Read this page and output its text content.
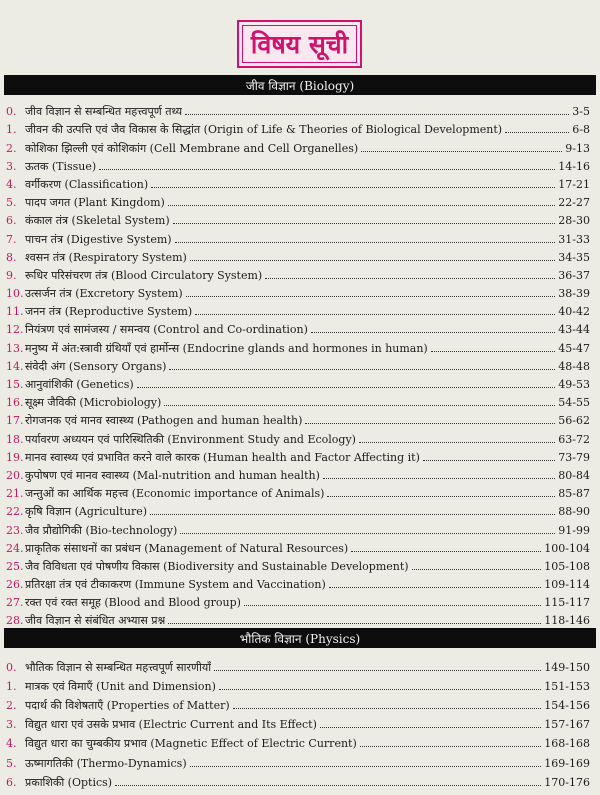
विषय सूची
जीव विज्ञान (Biology)
0. जीव विज्ञान से सम्बन्धित महत्त्वपूर्ण तथ्य	3-5
1. जीवन की उत्पत्ति एवं जैव विकास के सिद्धांत (Origin of Life & Theories of Biological Development)	6-8
2. कोशिका झिल्ली एवं कोशिकांग (Cell Membrane and Cell Organelles)	9-13
3. ऊतक (Tissue)	14-16
4. वर्गीकरण (Classification)	17-21
5. पादप जगत (Plant Kingdom)	22-27
6. कंकाल तंत्र (Skeletal System)	28-30
7. पाचन तंत्र (Digestive System)	31-33
8. श्वसन तंत्र (Respiratory System)	34-35
9. रूधिर परिसंचरण तंत्र (Blood Circulatory System)	36-37
10. उत्सर्जन तंत्र (Excretory System)	38-39
11. जनन तंत्र (Reproductive System)	40-42
12. नियंत्रण एवं सामंजस्य / समन्वय (Control and Co-ordination)	43-44
13. मनुष्य में अंत:स्त्रावी ग्रंथियाँ एवं हार्मोन्स (Endocrine glands and hormones in human)	45-47
14. संवेदी अंग (Sensory Organs)	48-48
15. आनुवांशिकी (Genetics)	49-53
16. सूक्ष्म जैविकी (Microbiology)	54-55
17. रोगजनक एवं मानव स्वास्थ्य (Pathogen and human health)	56-62
18. पर्यावरण अध्ययन एवं पारिस्थितिकी (Environment Study and Ecology)	63-72
19. मानव स्वास्थ्य एवं प्रभावित करने वाले कारक (Human health and Factor Affecting it)	73-79
20. कुपोषण एवं मानव स्वास्थ्य (Mal-nutrition and human health)	80-84
21. जन्तुओं का आर्थिक महत्त्व (Economic importance of Animals)	85-87
22. कृषि विज्ञान (Agriculture)	88-90
23. जैव प्रौद्योगिकी (Bio-technology)	91-99
24. प्राकृतिक संसाधनों का प्रबंधन (Management of Natural Resources)	100-104
25. जैव विविधता एवं पोषणीय विकास (Biodiversity and Sustainable Development)	105-108
26. प्रतिरक्षा तंत्र एवं टीकाकरण (Immune System and Vaccination)	109-114
27. रक्त एवं रक्त समूह (Blood and Blood group)	115-117
28. जीव विज्ञान से संबंधित अभ्यास प्रश्न	118-146
भौतिक विज्ञान (Physics)
0. भौतिक विज्ञान से सम्बन्धित महत्त्वपूर्ण सारणीयाँ	149-150
1. मात्रक एवं विमाएँ (Unit and Dimension)	151-153
2. पदार्थ की विशेषताएँ (Properties of Matter)	154-156
3. विद्युत धारा एवं उसके प्रभाव (Electric Current and Its Effect)	157-167
4. विद्युत धारा का चुम्बकीय प्रभाव (Magnetic Effect of Electric Current)	168-168
5. ऊष्मागतिकी (Thermo-Dynamics)	169-169
6. प्रकाशिकी (Optics)	170-176
